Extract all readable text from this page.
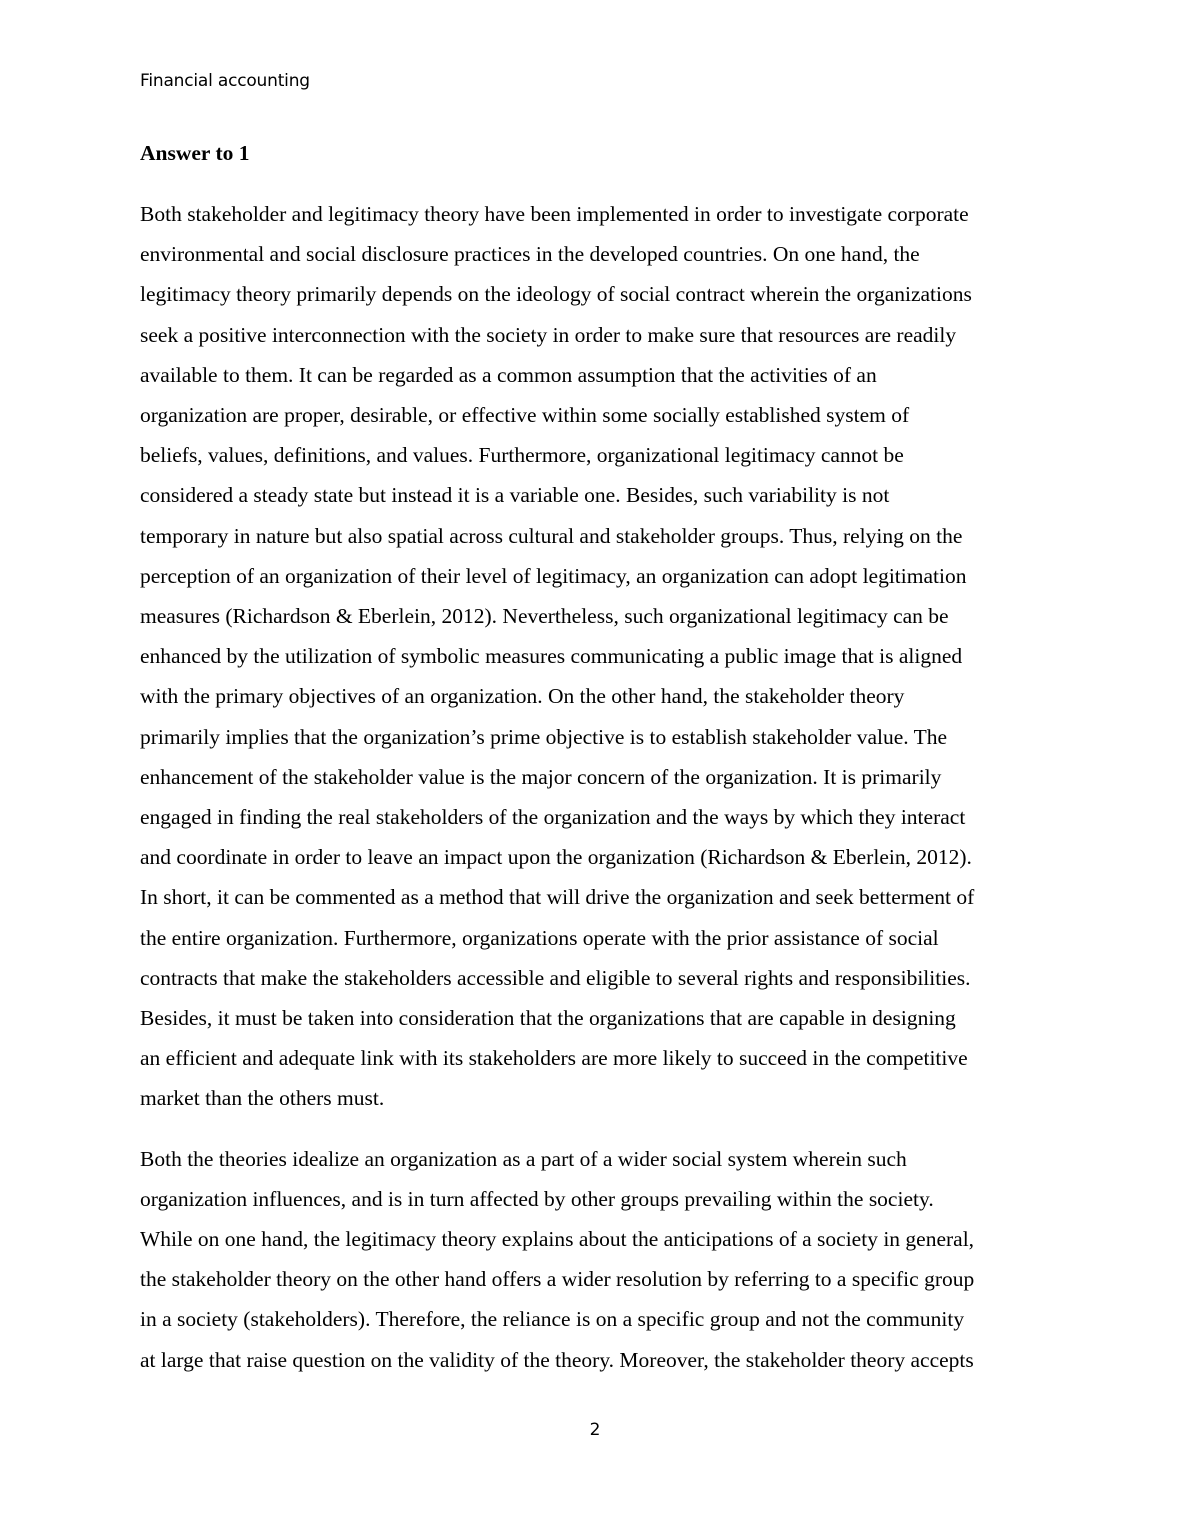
Financial accounting
Answer to 1
Both stakeholder and legitimacy theory have been implemented in order to investigate corporate
environmental and social disclosure practices in the developed countries. On one hand, the
legitimacy theory primarily depends on the ideology of social contract wherein the organizations
seek a positive interconnection with the society in order to make sure that resources are readily
available to them. It can be regarded as a common assumption that the activities of an
organization are proper, desirable, or effective within some socially established system of
beliefs, values, definitions, and values. Furthermore, organizational legitimacy cannot be
considered a steady state but instead it is a variable one. Besides, such variability is not
temporary in nature but also spatial across cultural and stakeholder groups. Thus, relying on the
perception of an organization of their level of legitimacy, an organization can adopt legitimation
measures (Richardson & Eberlein, 2012). Nevertheless, such organizational legitimacy can be
enhanced by the utilization of symbolic measures communicating a public image that is aligned
with the primary objectives of an organization. On the other hand, the stakeholder theory
primarily implies that the organization’s prime objective is to establish stakeholder value. The
enhancement of the stakeholder value is the major concern of the organization. It is primarily
engaged in finding the real stakeholders of the organization and the ways by which they interact
and coordinate in order to leave an impact upon the organization (Richardson & Eberlein, 2012).
In short, it can be commented as a method that will drive the organization and seek betterment of
the entire organization. Furthermore, organizations operate with the prior assistance of social
contracts that make the stakeholders accessible and eligible to several rights and responsibilities.
Besides, it must be taken into consideration that the organizations that are capable in designing
an efficient and adequate link with its stakeholders are more likely to succeed in the competitive
market than the others must.
Both the theories idealize an organization as a part of a wider social system wherein such
organization influences, and is in turn affected by other groups prevailing within the society.
While on one hand, the legitimacy theory explains about the anticipations of a society in general,
the stakeholder theory on the other hand offers a wider resolution by referring to a specific group
in a society (stakeholders). Therefore, the reliance is on a specific group and not the community
at large that raise question on the validity of the theory. Moreover, the stakeholder theory accepts
2
